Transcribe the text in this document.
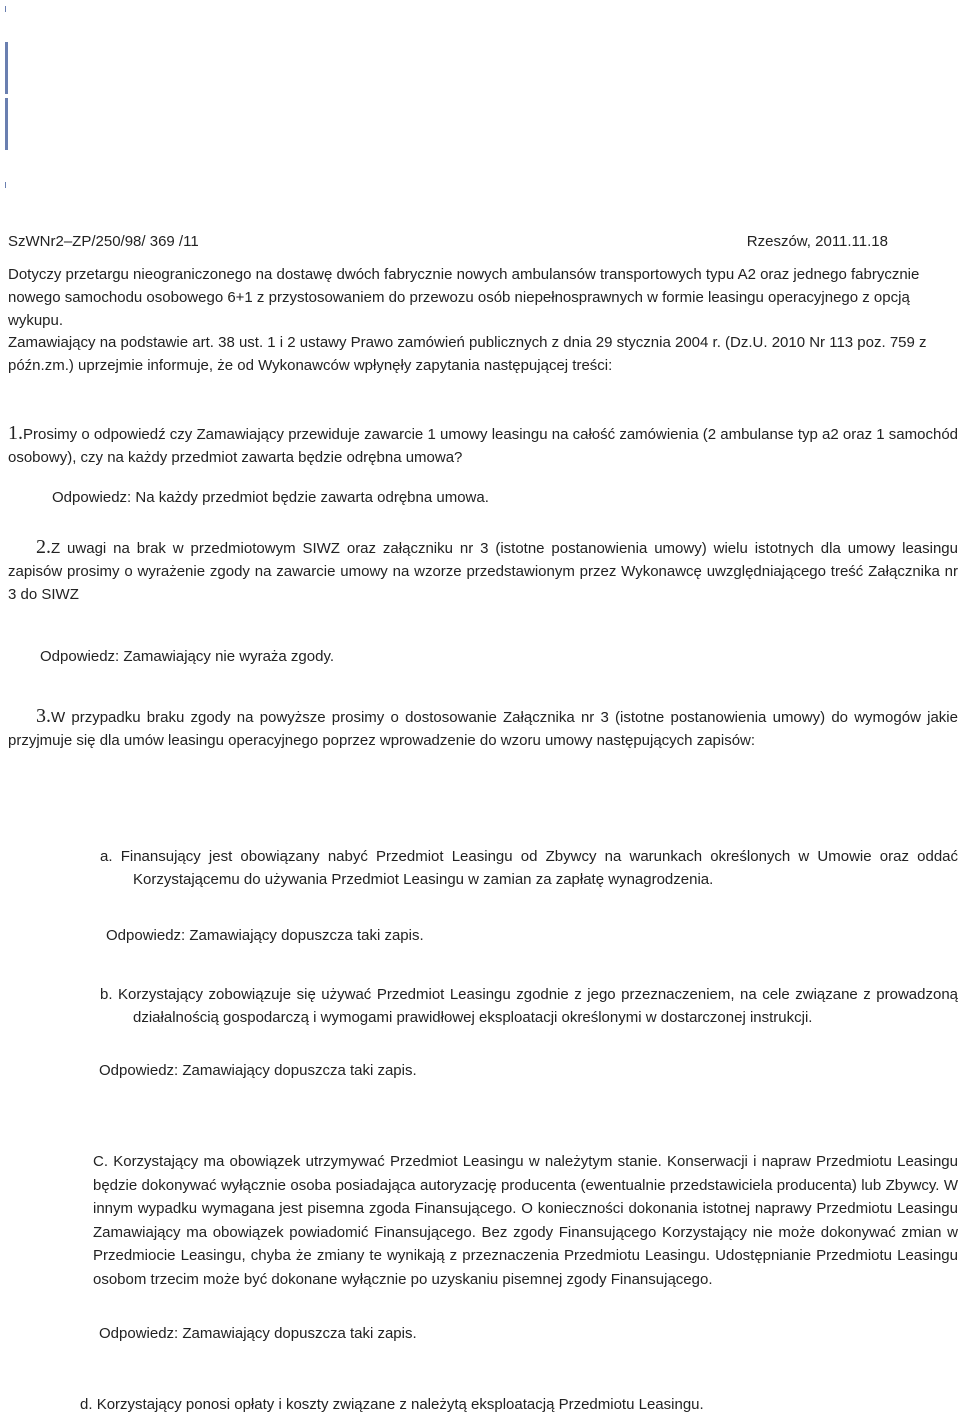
SzWNr2–ZP/250/98/ 369 /11	Rzeszów, 2011.11.18
Dotyczy przetargu nieograniczonego na dostawę dwóch fabrycznie nowych ambulansów transportowych typu A2 oraz jednego fabrycznie nowego samochodu osobowego 6+1 z przystosowaniem do przewozu osób niepełnosprawnych w formie leasingu operacyjnego z opcją wykupu.
Zamawiający na podstawie art. 38 ust. 1 i 2 ustawy Prawo zamówień publicznych z dnia 29 stycznia 2004 r. (Dz.U. 2010 Nr 113 poz. 759 z późn.zm.) uprzejmie informuje, że od Wykonawców wpłynęły zapytania następującej treści:
1.Prosimy o odpowiedź czy Zamawiający przewiduje zawarcie 1 umowy leasingu na całość zamówienia (2 ambulanse typ a2 oraz 1 samochód osobowy), czy na każdy przedmiot zawarta będzie odrębna umowa?
Odpowiedz: Na każdy przedmiot będzie zawarta odrębna umowa.
2.Z uwagi na brak w przedmiotowym SIWZ oraz załączniku nr 3 (istotne postanowienia umowy) wielu istotnych dla umowy leasingu zapisów prosimy o wyrażenie zgody na zawarcie umowy na wzorze przedstawionym przez Wykonawcę uwzględniającego treść Załącznika nr 3 do SIWZ
Odpowiedz: Zamawiający nie wyraża zgody.
3.W przypadku braku zgody na powyższe prosimy o dostosowanie Załącznika nr 3 (istotne postanowienia umowy) do wymogów jakie przyjmuje się dla umów leasingu operacyjnego poprzez wprowadzenie do wzoru umowy następujących zapisów:
a. Finansujący jest obowiązany nabyć Przedmiot Leasingu od Zbywcy na warunkach określonych w Umowie oraz oddać Korzystającemu do używania Przedmiot Leasingu w zamian za zapłatę wynagrodzenia.
Odpowiedz: Zamawiający dopuszcza taki zapis.
b. Korzystający zobowiązuje się używać Przedmiot Leasingu zgodnie z jego przeznaczeniem, na cele związane z prowadzoną działalnością gospodarczą i wymogami prawidłowej eksploatacji określonymi w dostarczonej instrukcji.
Odpowiedz: Zamawiający dopuszcza taki zapis.
C. Korzystający ma obowiązek utrzymywać Przedmiot Leasingu w należytym stanie. Konserwacji i napraw Przedmiotu Leasingu będzie dokonywać wyłącznie osoba posiadająca autoryzację producenta (ewentualnie przedstawiciela producenta) lub Zbywcy. W innym wypadku wymagana jest pisemna zgoda Finansującego. O konieczności dokonania istotnej naprawy Przedmiotu Leasingu Zamawiający ma obowiązek powiadomić Finansującego. Bez zgody Finansującego Korzystający nie może dokonywać zmian w Przedmiocie Leasingu, chyba że zmiany te wynikają z przeznaczenia Przedmiotu Leasingu. Udostępnianie Przedmiotu Leasingu osobom trzecim może być dokonane wyłącznie po uzyskaniu pisemnej zgody Finansującego.
Odpowiedz: Zamawiający dopuszcza taki zapis.
d. Korzystający ponosi opłaty i koszty związane z należytą eksploatacją Przedmiotu Leasingu.
